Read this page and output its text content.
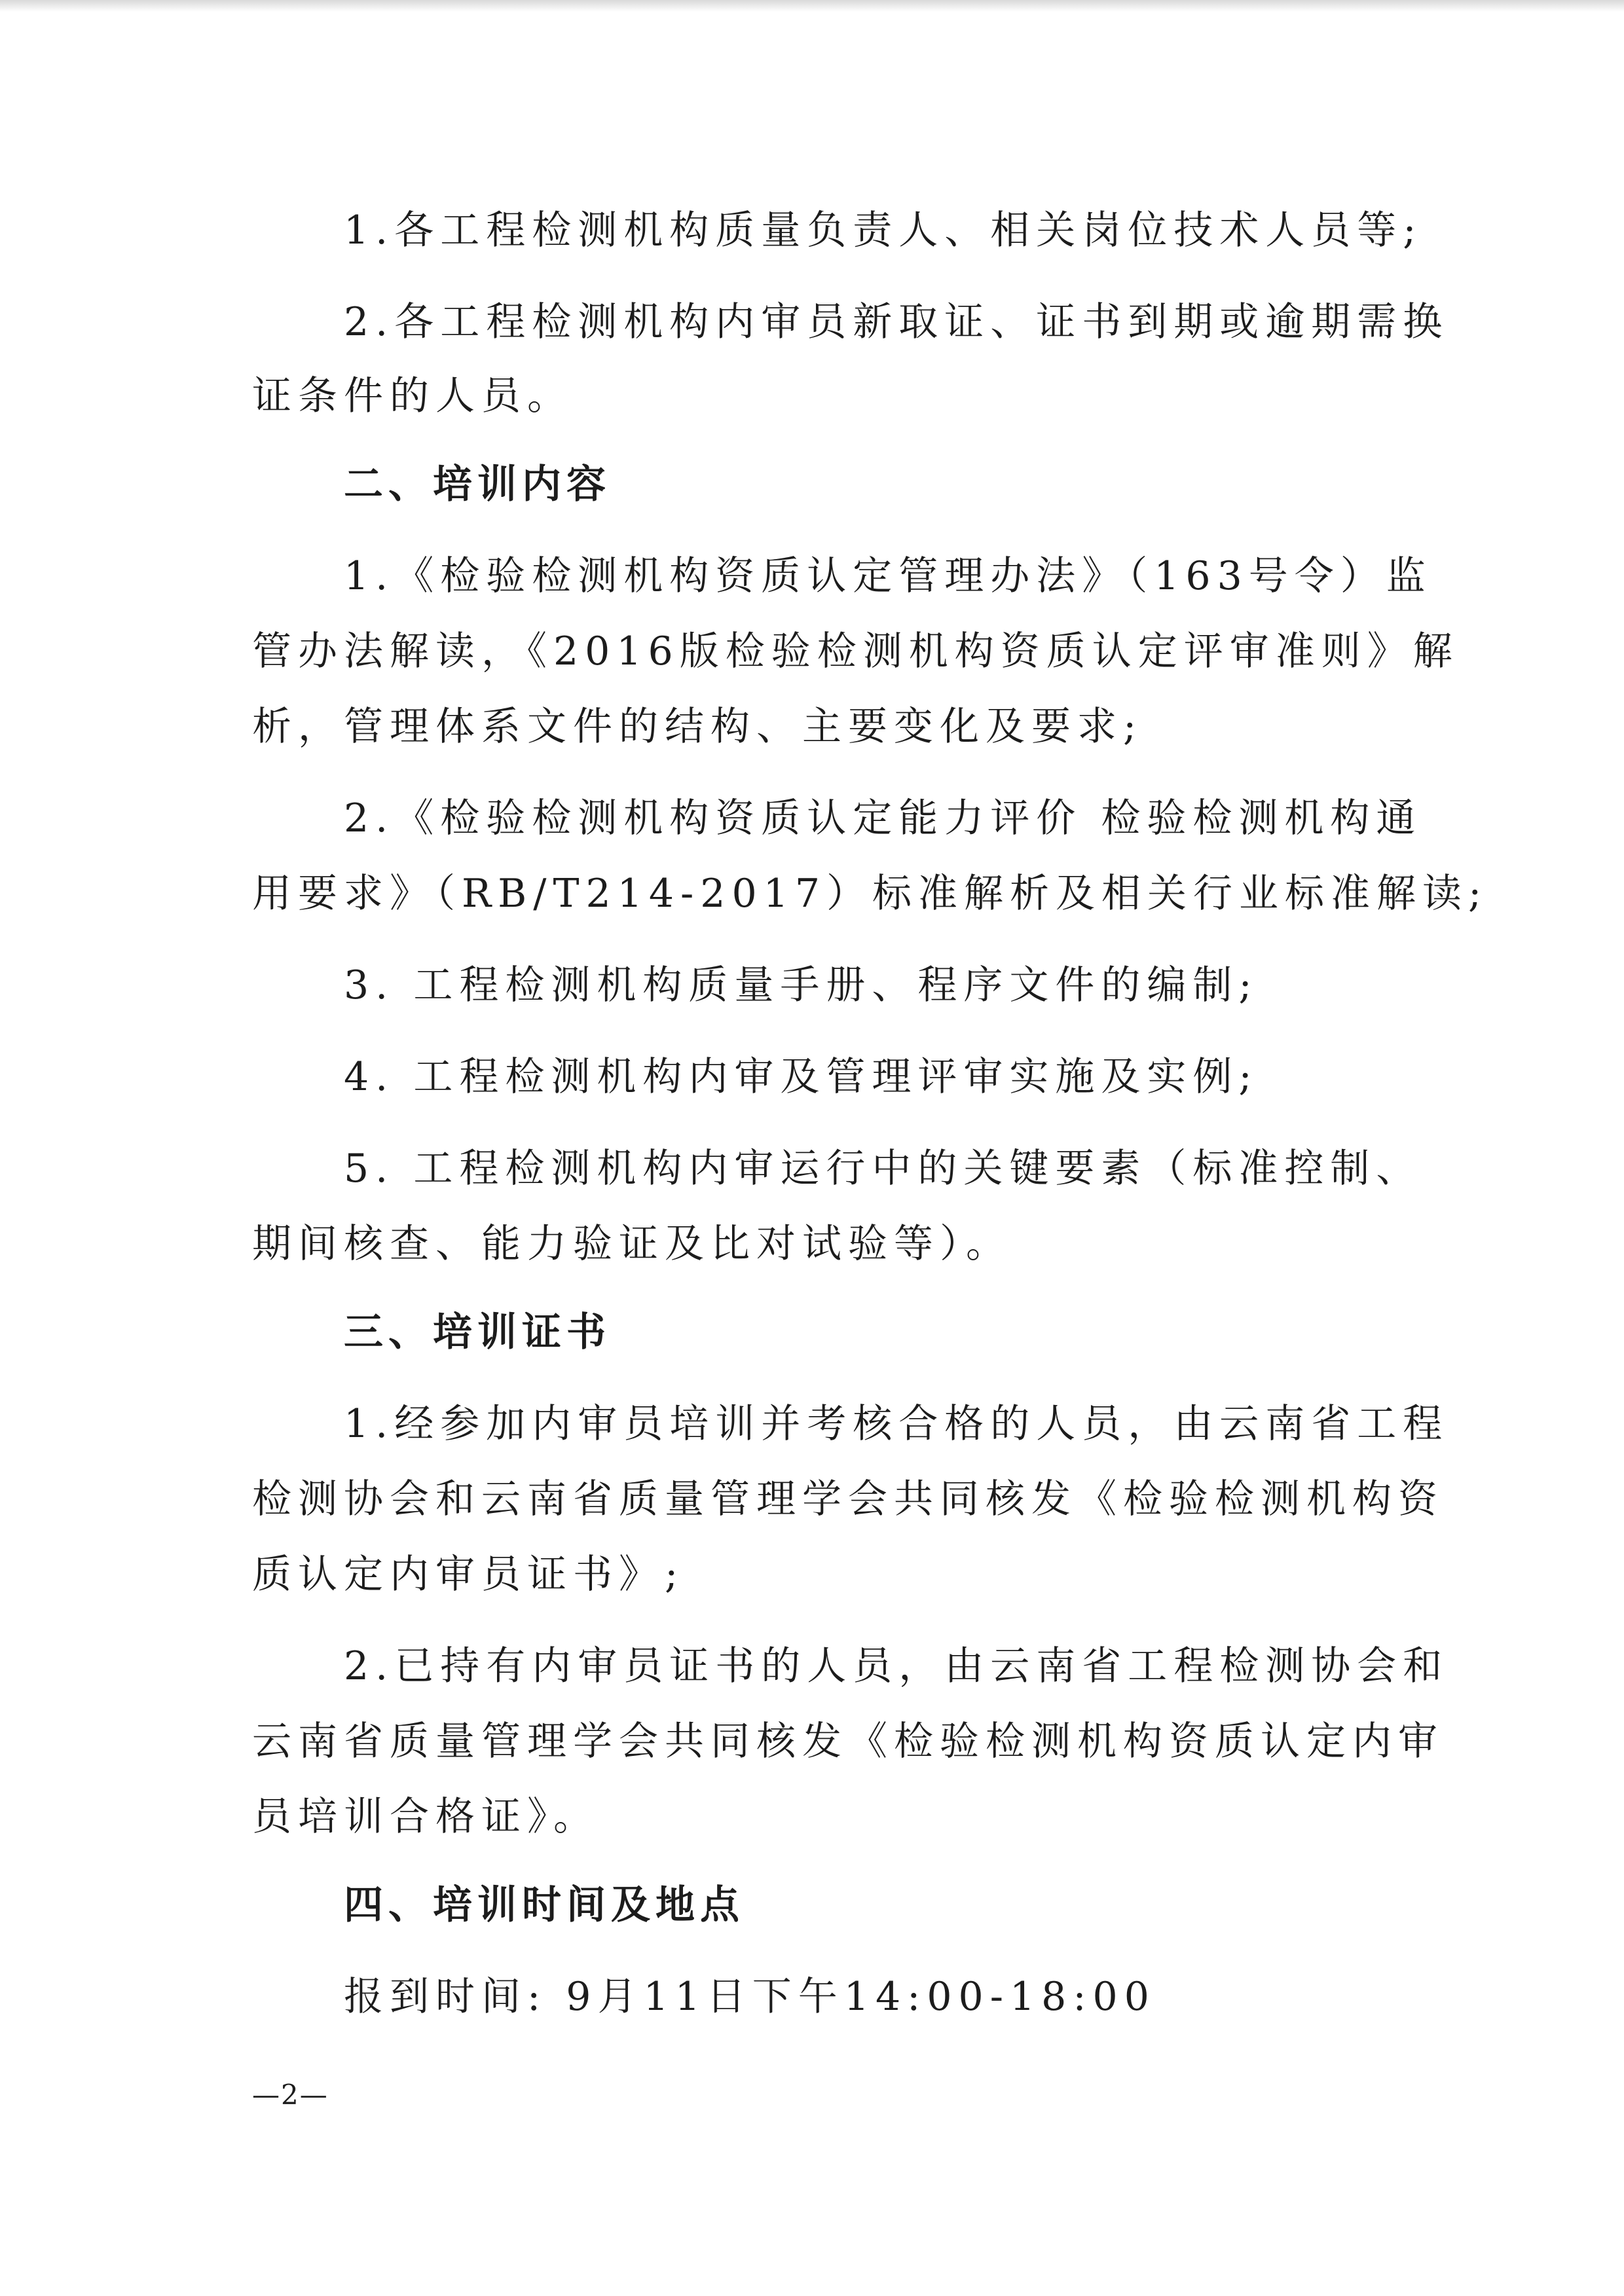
1.各工程检测机构质量负责人、相关岗位技术人员等;
2.各工程检测机构内审员新取证、证书到期或逾期需换
证条件的人员。
二、培训内容
1.《检验检测机构资质认定管理办法》（163号令）监
管办法解读，《2016版检验检测机构资质认定评审准则》解
析，管理体系文件的结构、主要变化及要求;
2.《检验检测机构资质认定能力评价 检验检测机构通
用要求》（RB/T214-2017）标准解析及相关行业标准解读;
3. 工程检测机构质量手册、程序文件的编制;
4. 工程检测机构内审及管理评审实施及实例;
5. 工程检测机构内审运行中的关键要素（标准控制、
期间核查、能力验证及比对试验等）。
三、培训证书
1.经参加内审员培训并考核合格的人员，由云南省工程
检测协会和云南省质量管理学会共同核发《检验检测机构资
质认定内审员证书》;
2.已持有内审员证书的人员，由云南省工程检测协会和
云南省质量管理学会共同核发《检验检测机构资质认定内审
员培训合格证》。
四、培训时间及地点
报到时间: 9月11日下午14:00-18:00
—2—
